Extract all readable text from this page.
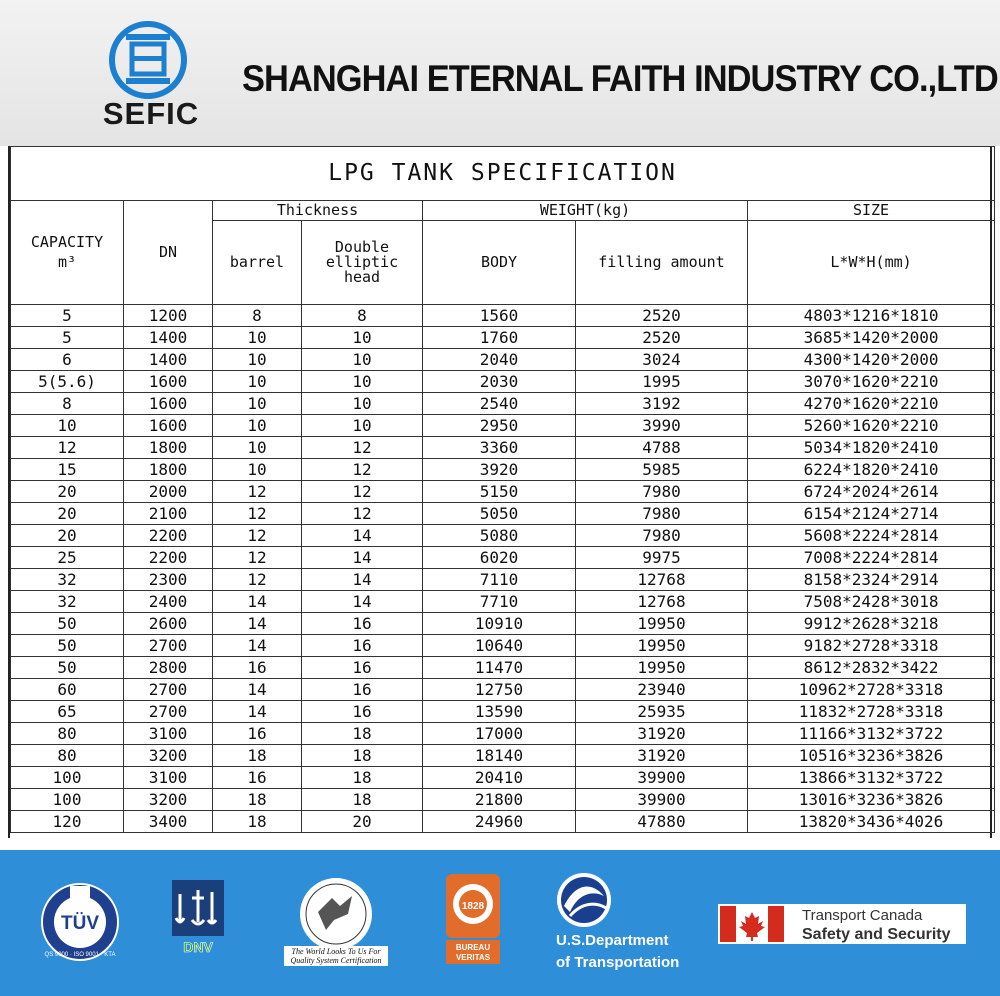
SEFIC
SHANGHAI ETERNAL FAITH INDUSTRY CO.,LTD
LPG TANK SPECIFICATION						
CAPACITY
m³	DN	Thickness		WEIGHT(kg)		SIZE
		barrel	Double
elliptic
head	BODY	filling amount	L*W*H(mm)
5	1200	8	8	1560	2520	4803*1216*1810
5	1400	10	10	1760	2520	3685*1420*2000
6	1400	10	10	2040	3024	4300*1420*2000
5(5.6)	1600	10	10	2030	1995	3070*1620*2210
8	1600	10	10	2540	3192	4270*1620*2210
10	1600	10	10	2950	3990	5260*1620*2210
12	1800	10	12	3360	4788	5034*1820*2410
15	1800	10	12	3920	5985	6224*1820*2410
20	2000	12	12	5150	7980	6724*2024*2614
20	2100	12	12	5050	7980	6154*2124*2714
20	2200	12	14	5080	7980	5608*2224*2814
25	2200	12	14	6020	9975	7008*2224*2814
32	2300	12	14	7110	12768	8158*2324*2914
32	2400	14	14	7710	12768	7508*2428*3018
50	2600	14	16	10910	19950	9912*2628*3218
50	2700	14	16	10640	19950	9182*2728*3318
50	2800	16	16	11470	19950	8612*2832*3422
60	2700	14	16	12750	23940	10962*2728*3318
65	2700	14	16	13590	25935	11832*2728*3318
80	3100	16	18	17000	31920	11166*3132*3722
80	3200	18	18	18140	31920	10516*3236*3826
100	3100	16	18	20410	39900	13866*3132*3722
100	3200	18	18	21800	39900	13016*3236*3826
120	3400	18	20	24960	47880	13820*3436*4026
TÜV
QS 9000 · ISO 9001 · KTA	DNV	The World Looks To Us For Quality System Certification
1828
BUREAU
VERITAS
U.S.Department
of Transportation
Transport Canada
Safety and Security
